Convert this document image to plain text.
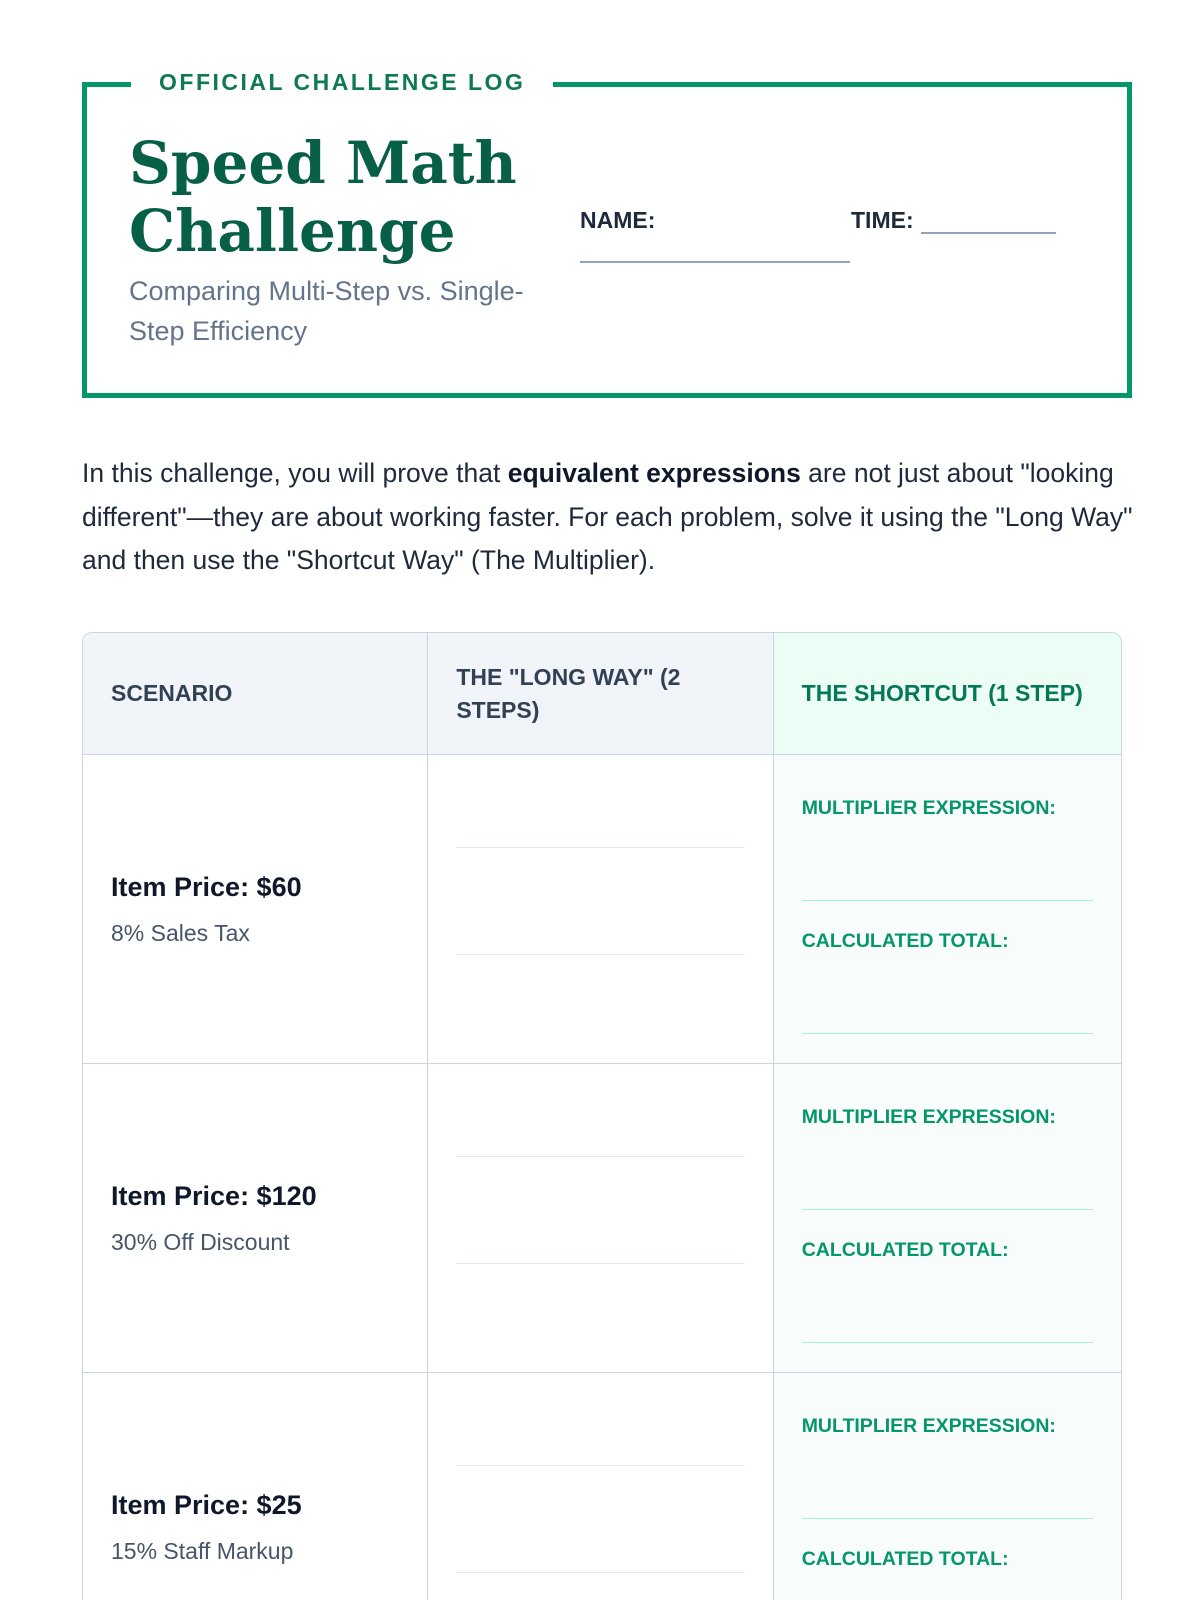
OFFICIAL CHALLENGE LOG
Speed Math Challenge
Comparing Multi-Step vs. Single-Step Efficiency
NAME:	TIME:

In this challenge, you will prove that equivalent expressions are not just about "looking different"—they are about working faster. For each problem, solve it using the "Long Way" and then use the "Shortcut Way" (The Multiplier).

SCENARIO
THE "LONG WAY" (2 STEPS)
THE SHORTCUT (1 STEP)
Item Price: $60
8% Sales Tax
MULTIPLIER EXPRESSION:
CALCULATED TOTAL:
Item Price: $120
30% Off Discount
MULTIPLIER EXPRESSION:
CALCULATED TOTAL:
Item Price: $25
15% Staff Markup
MULTIPLIER EXPRESSION:
CALCULATED TOTAL:
